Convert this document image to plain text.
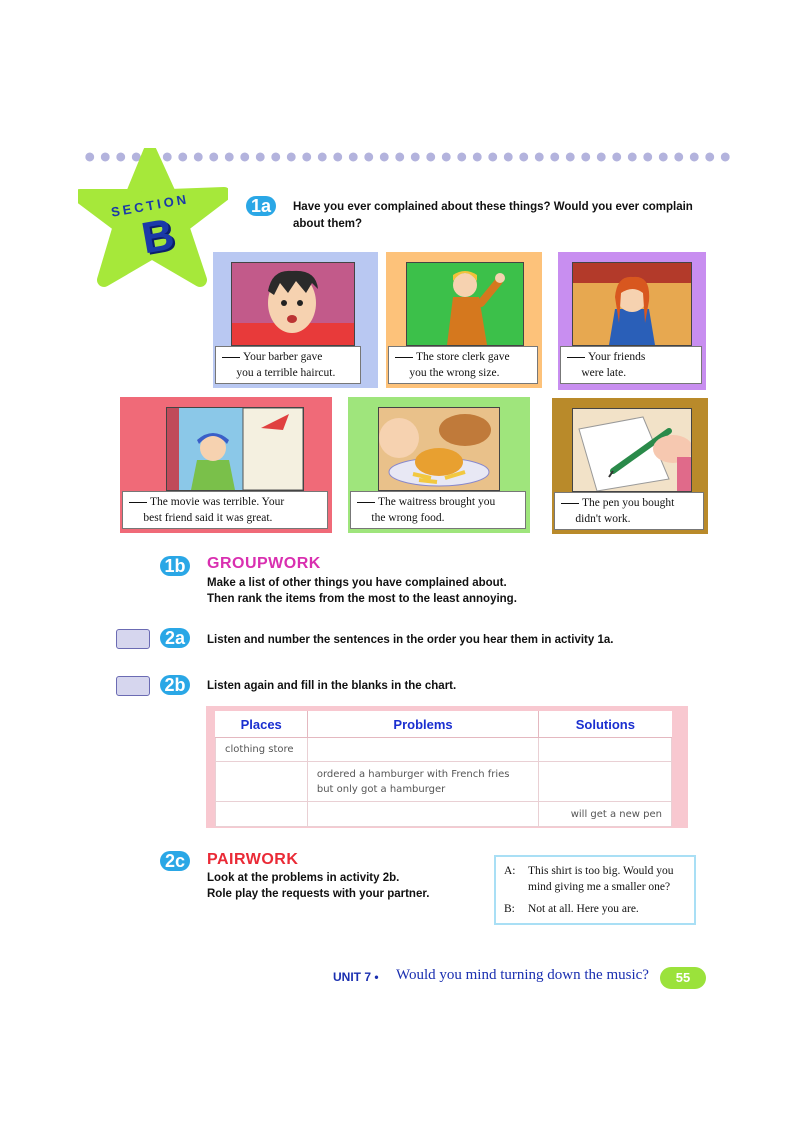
SECTION
B
1a	Have you ever complained about these things? Would you ever complain about them?
Your barber gave
you a terrible haircut.
The store clerk gave
you the wrong size.
Your friends
were late.
The movie was terrible. Your
best friend said it was great.
The waitress brought you
the wrong food.
The pen you bought
didn't work.
1b GROUPWORK
Make a list of other things you have complained about.
Then rank the items from the most to the least annoying.
2a	Listen and number the sentences in the order you hear them in activity 1a.
2b	Listen again and fill in the blanks in the chart.
Places	Problems	Solutions
clothing store		
	ordered a hamburger with French fries but only got a hamburger	
		will get a new pen
2c	PAIRWORK
Look at the problems in activity 2b.
Role play the requests with your partner.
A:	This shirt is too big. Would you mind giving me a smaller one?
B:	Not at all. Here you are.
UNIT 7 • Would you mind turning down the music?	55
